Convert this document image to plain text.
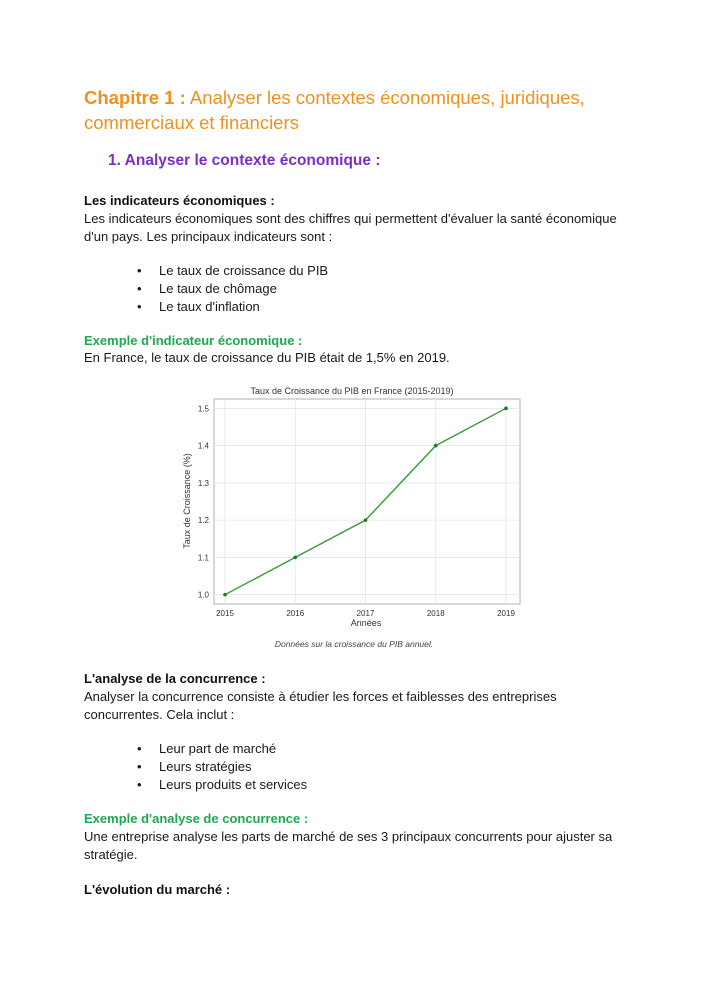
Chapitre 1 : Analyser les contextes économiques, juridiques, commerciaux et financiers
1. Analyser le contexte économique :
Les indicateurs économiques :
Les indicateurs économiques sont des chiffres qui permettent d'évaluer la santé économique d'un pays. Les principaux indicateurs sont :
• Le taux de croissance du PIB
• Le taux de chômage
• Le taux d'inflation
Exemple d'indicateur économique :
En France, le taux de croissance du PIB était de 1,5% en 2019.
Taux de Croissance du PIB en France (2015-2019)
1.0
1.1
1.2
1.3
1.4
1.5
2015	2016	2017	2018	2019
Années
Taux de Croissance (%)
Données sur la croissance du PIB annuel.
L'analyse de la concurrence :
Analyser la concurrence consiste à étudier les forces et faiblesses des entreprises concurrentes. Cela inclut :
• Leur part de marché
• Leurs stratégies
• Leurs produits et services
Exemple d'analyse de concurrence :
Une entreprise analyse les parts de marché de ses 3 principaux concurrents pour ajuster sa stratégie.
L'évolution du marché :
